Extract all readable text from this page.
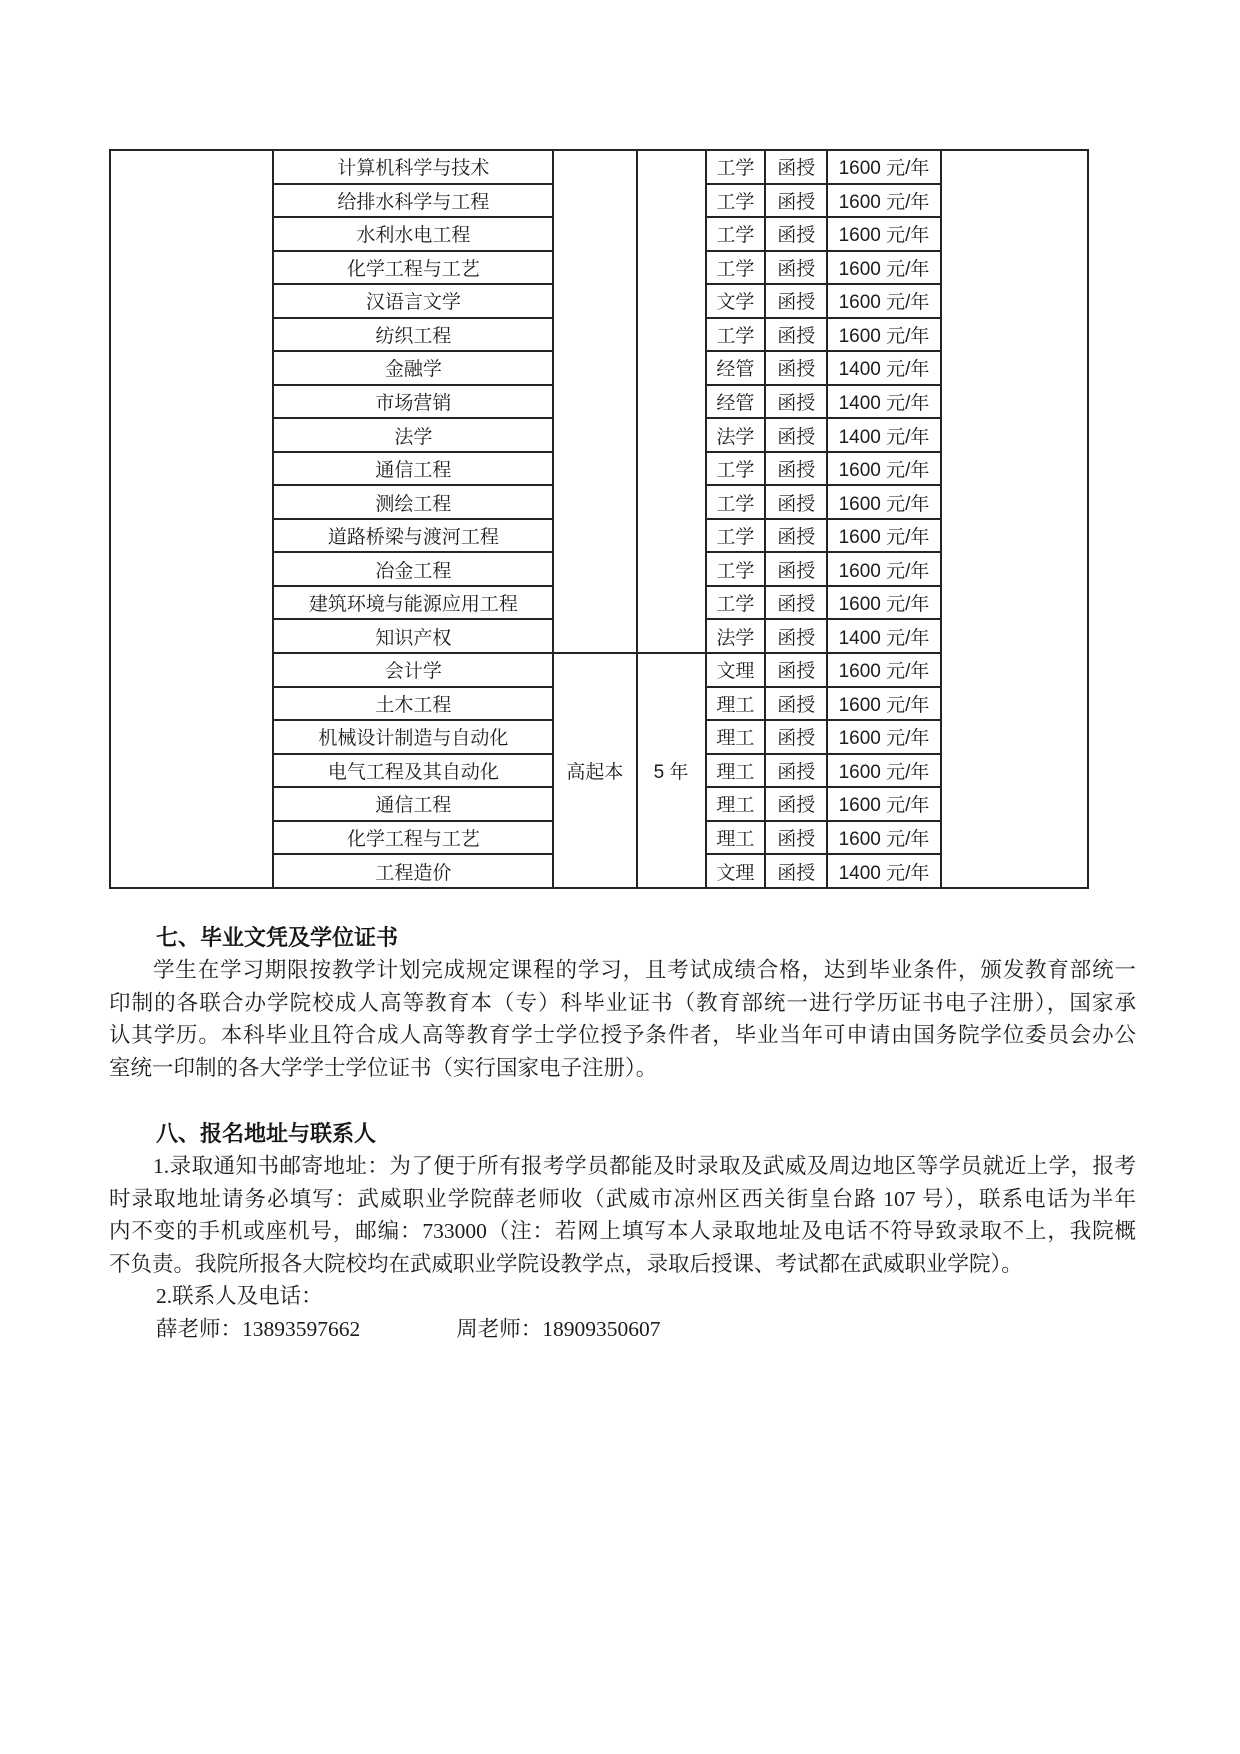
	计算机科学与技术			工学	函授	1600 元/年	
	给排水科学与工程			工学	函授	1600 元/年	
	水利水电工程			工学	函授	1600 元/年	
	化学工程与工艺			工学	函授	1600 元/年	
	汉语言文学			文学	函授	1600 元/年	
	纺织工程			工学	函授	1600 元/年	
	金融学			经管	函授	1400 元/年	
	市场营销			经管	函授	1400 元/年	
	法学			法学	函授	1400 元/年	
	通信工程			工学	函授	1600 元/年	
	测绘工程			工学	函授	1600 元/年	
	道路桥梁与渡河工程			工学	函授	1600 元/年	
	冶金工程			工学	函授	1600 元/年	
	建筑环境与能源应用工程			工学	函授	1600 元/年	
	知识产权			法学	函授	1400 元/年	
	会计学	高起本	5 年	文理	函授	1600 元/年	
	土木工程			理工	函授	1600 元/年	
	机械设计制造与自动化			理工	函授	1600 元/年	
	电气工程及其自动化			理工	函授	1600 元/年	
	通信工程			理工	函授	1600 元/年	
	化学工程与工艺			理工	函授	1600 元/年	
	工程造价			文理	函授	1400 元/年	
七、毕业文凭及学位证书
学生在学习期限按教学计划完成规定课程的学习，且考试成绩合格，达到毕业条件，颁发教育部统一
印制的各联合办学院校成人高等教育本（专）科毕业证书（教育部统一进行学历证书电子注册），国家承
认其学历。本科毕业且符合成人高等教育学士学位授予条件者，毕业当年可申请由国务院学位委员会办公
室统一印制的各大学学士学位证书（实行国家电子注册）。
八、报名地址与联系人
1.录取通知书邮寄地址：为了便于所有报考学员都能及时录取及武威及周边地区等学员就近上学，报考
时录取地址请务必填写：武威职业学院薛老师收（武威市凉州区西关街皇台路 107 号），联系电话为半年
内不变的手机或座机号，邮编：733000（注：若网上填写本人录取地址及电话不符导致录取不上，我院概
不负责。我院所报各大院校均在武威职业学院设教学点，录取后授课、考试都在武威职业学院）。
2.联系人及电话：
薛老师：13893597662	周老师：18909350607
